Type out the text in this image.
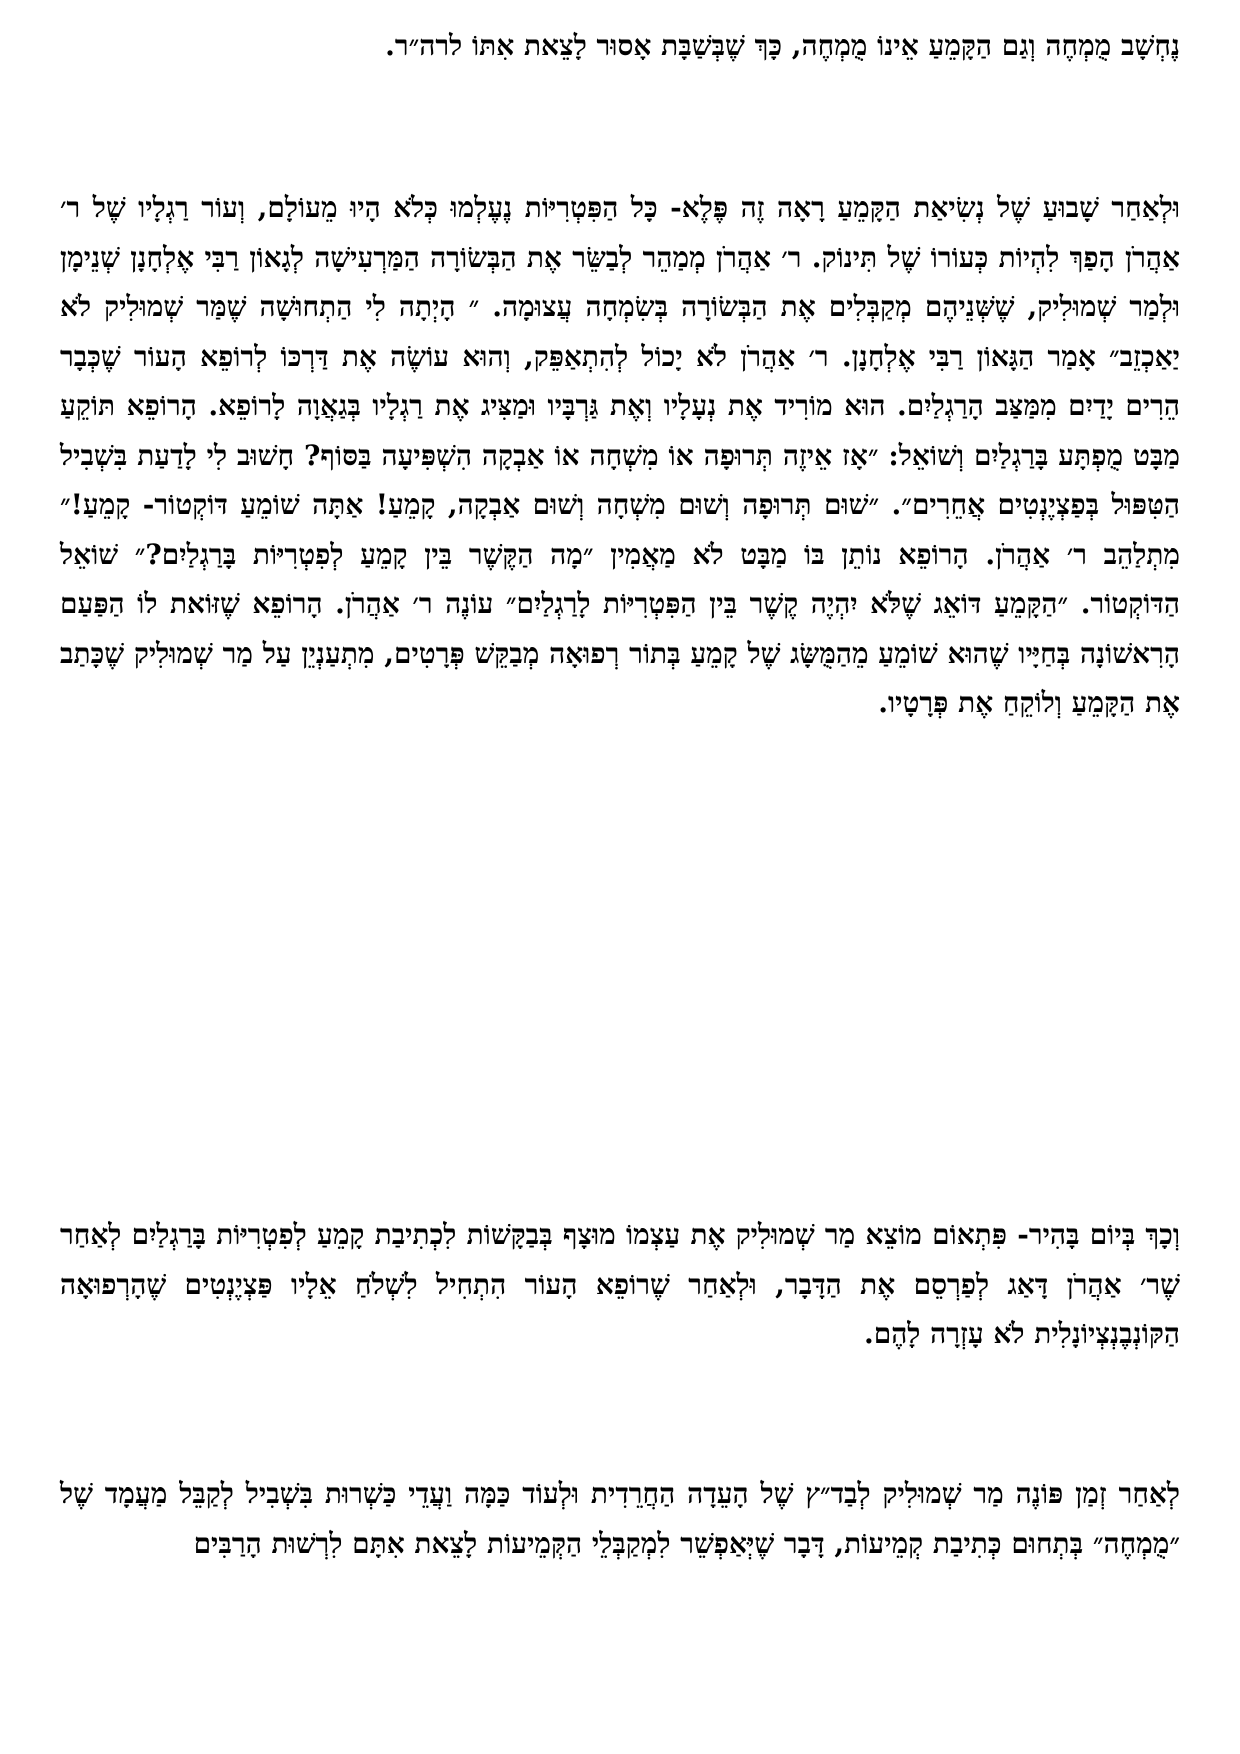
נֶחְשָׁב מֻמְחֶה וְגַם הַקָּמֵעַ אֵינוֹ מֻמְחֶה, כָּךְ שֶׁבְּשַׁבָּת אָסוּר לָצֵאת אִתּוֹ לרה״ר.

וּלְאַחַר שָׁבוּעַ שֶׁל נְשִׂיאַת הַקָּמֵעַ רָאָה זֶה פֶּלֶא- כָּל הַפִּטְרִיּוֹת נֶעֶלְמוּ כְּלֹא הָיוּ מֵעוֹלָם, וְעוֹר רַגְלָיו שֶׁל ר׳ אַהֲרֹן הָפַךְ לִהְיוֹת כְּעוֹרוֹ שֶׁל תִּינוֹק. ר׳ אַהֲרֹן מְמַהֵר לְבַשֵּׂר אֶת הַבְּשׂוֹרָה הַמַּרְעִישָׁה לְגָאוֹן רַבִּי אֶלְחָנָן שְׁנֵימָן וּלְמַר שְׁמוּלִיק, שֶׁשְּׁנֵיהֶם מְקַבְּלִים אֶת הַבְּשׂוֹרָה בְּשִׂמְחָה עֲצוּמָה. ״ הָיְתָה לִי הַתְחוּשָׁה שֶׁמַּר שְׁמוּלִיק לֹא יַאַכְזֵב״ אָמַר הַגָּאוֹן רַבִּי אֶלְחָנָן. ר׳ אַהֲרֹן לֹא יָכוֹל לְהִתְאַפֵּק, וְהוּא עוֹשֶׂה אֶת דַּרְכּוֹ לְרוֹפֵא הָעוֹר שֶׁכְּבָר הֵרִים יָדַיִם מִמַּצַּב הָרַגְלַיִם. הוּא מוֹרִיד אֶת נְעָלָיו וְאֶת גַּרְבָּיו וּמַצִּיג אֶת רַגְלָיו בְּגַאֲוָה לָרוֹפֵא. הָרוֹפֵא תּוֹקֵעַ מַבָּט מֻפְתָּע בָּרַגְלַיִם וְשׁוֹאֵל: ״אָז אֵיזֶה תְּרוּפָה אוֹ מִשְׁחָה אוֹ אַבְקָה הִשְׁפִּיעָה בַּסּוֹף? חָשׁוּב לִי לָדַעַת בִּשְׁבִיל הַטִּפּוּל בְּפַצְיֶנְטִים אֲחֵרִים״. ״שׁוּם תְּרוּפָה וְשׁוּם מִשְׁחָה וְשׁוּם אַבְקָה, קָמֵעַ! אַתָּה שׁוֹמֵעַ דּוֹקְטוֹר- קָמֵעַ!״ מִתְלַהֵב ר׳ אַהֲרֹן. הָרוֹפֵא נוֹתֵן בּוֹ מַבָּט לֹא מַאֲמִין ״מָה הַקֶּשֶׁר בֵּין קָמֵעַ לְפִטְרִיּוֹת בָּרַגְלַיִם?״ שׁוֹאֵל הַדּוֹקְטוֹר. ״הַקָּמֵעַ דּוֹאֵג שֶׁלֹּא יִהְיֶה קֶשֶׁר בֵּין הַפִּטְרִיּוֹת לָרַגְלַיִם״ עוֹנֶה ר׳ אַהֲרֹן. הָרוֹפֵא שֶׁזּוֹאת לוֹ הַפַּעַם הָרִאשׁוֹנָה בְּחַיָּיו שֶׁהוּא שׁוֹמֵעַ מֵהַמֻּשָּׂג שֶׁל קָמֵעַ בְּתוֹר רְפוּאָה מְבַקֵּשׁ פְּרָטִים, מִתְעַנְיֵן עַל מַר שְׁמוּלִיק שֶׁכָּתַב אֶת הַקָּמֵעַ וְלוֹקֵחַ אֶת פְּרָטָיו.

וְכָךְ בְּיוֹם בָּהִיר- פִּתְאוֹם מוֹצֵא מַר שְׁמוּלִיק אֶת עַצְמוֹ מוּצָף בְּבַקָּשׁוֹת לִכְתִיבַת קָמֵעַ לְפִטְרִיּוֹת בָּרַגְלַיִם לְאַחַר שֶׁר׳ אַהֲרֹן דָּאַג לְפַרְסֵם אֶת הַדָּבָר, וּלְאַחַר שֶׁרוֹפֵא הָעוֹר הִתְחִיל לִשְׁלֹחַ אֵלָיו פַּצְיֶנְטִים שֶׁהָרְפוּאָה הַקּוֹנְבֶנְצְיוֹנָלִית לֹא עָזְרָה לָהֶם.

לְאַחַר זְמַן פּוֹנֶה מַר שְׁמוּלִיק לְבַד״ץ שֶׁל הָעֵדָה הַחֲרֵדִית וּלְעוֹד כַּמָּה וַעֲדֵי כַּשְׁרוּת בִּשְׁבִיל לְקַבֵּל מַעֲמָד שֶׁל ״מֻמְחֶה״ בְּתְחוּם כְּתִיבַת קְמֵיעוֹת, דָּבָר שֶׁיְּאַפְשֵׁר לִמְקַבְּלֵי הַקְּמֵיעוֹת לָצֵאת אִתָּם לִרְשׁוּת הָרַבִּים
